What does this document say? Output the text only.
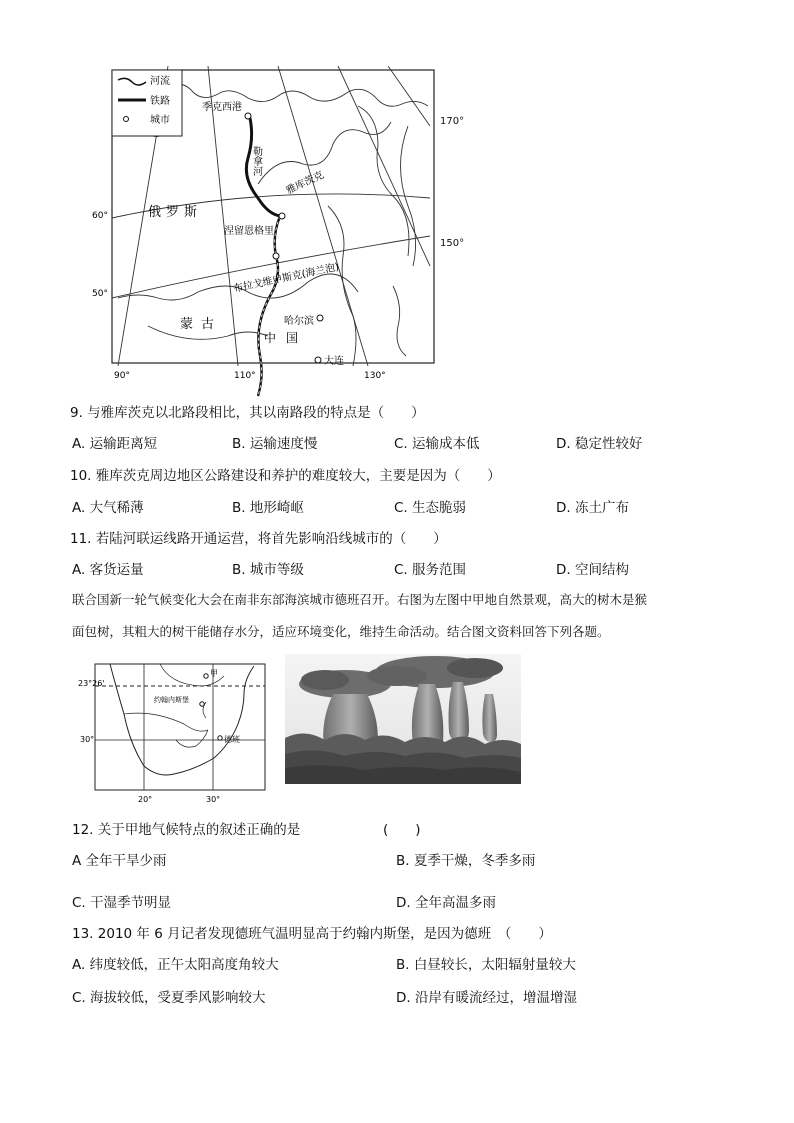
河流
铁路
城市
季克西港
雅库茨克
涅留恩格里
哈尔滨
大连
勒拿河
布拉戈维申斯克(海兰泡)
俄罗斯
蒙古
中国
60°
50°
90°	110°	130°
170°
150°
9. 与雅库茨克以北路段相比，其以南路段的特点是（　　）
A. 运输距离短	B. 运输速度慢	C. 运输成本低	D. 稳定性较好
10. 雅库茨克周边地区公路建设和养护的难度较大，主要是因为（　　）
A. 大气稀薄	B. 地形崎岖	C. 生态脆弱	D. 冻土广布
11. 若陆河联运线路开通运营，将首先影响沿线城市的（　　）
A. 客货运量	B. 城市等级	C. 服务范围	D. 空间结构
联合国新一轮气候变化大会在南非东部海滨城市德班召开。右图为左图中甲地自然景观，高大的树木是猴
面包树，其粗大的树干能储存水分，适应环境变化，维持生命活动。结合图文资料回答下列各题。
23°26'
30°
甲
约翰内斯堡
德班
20°	30°
12. 关于甲地气候特点的叙述正确的是	(　　)
A 全年干旱少雨	B. 夏季干燥，冬季多雨
C. 干湿季节明显	D. 全年高温多雨
13. 2010 年 6 月记者发现德班气温明显高于约翰内斯堡，是因为德班　（　　）
A. 纬度较低，正午太阳高度角较大	B. 白昼较长，太阳辐射量较大
C. 海拔较低，受夏季风影响较大	D. 沿岸有暖流经过，增温增湿
